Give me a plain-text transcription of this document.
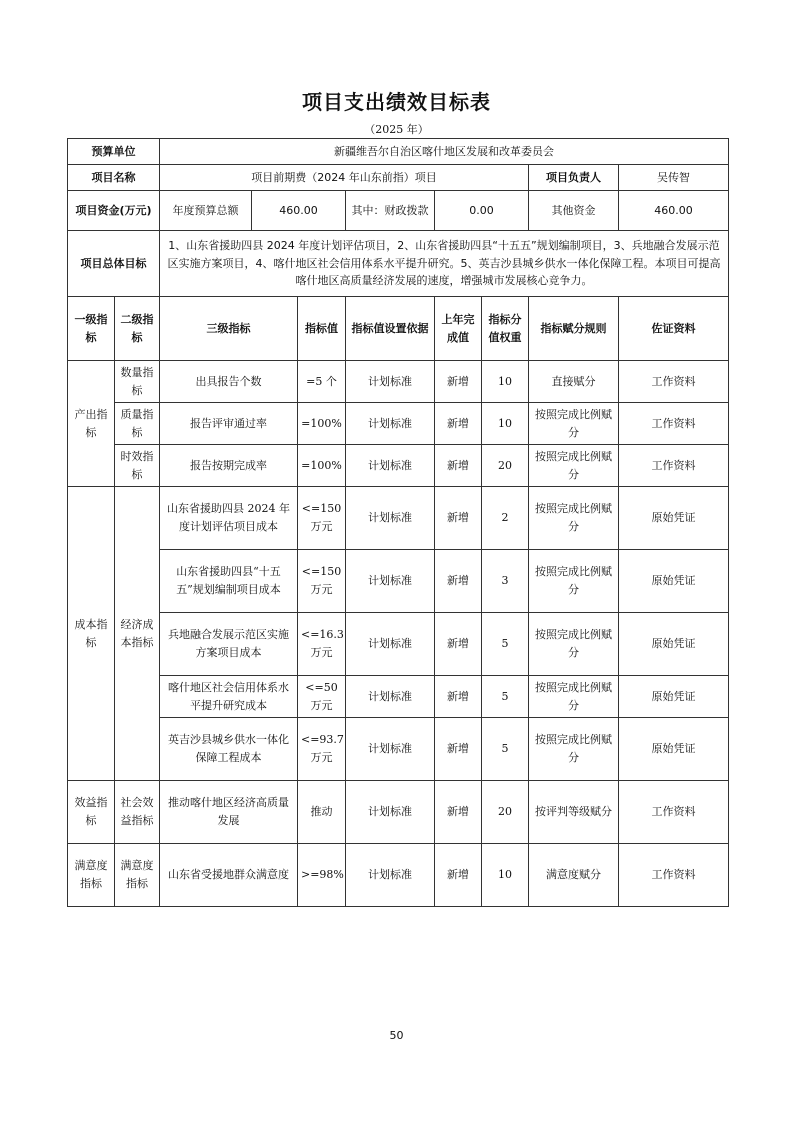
项目支出绩效目标表
（2025 年）
预算单位		新疆维吾尔自治区喀什地区发展和改革委员会							
项目名称		项目前期费（2024 年山东前指）项目						项目负责人	吴传智
项目资金(万元)		年度预算总额	460.00		其中：财政拨款	0.00		其他资金	460.00
项目总体目标		1、山东省援助四县 2024 年度计划评估项目，2、山东省援助四县“十五五”规划编制项目，3、兵地融合发展示范区实施方案项目，4、喀什地区社会信用体系水平提升研究。5、英吉沙县城乡供水一体化保障工程。本项目可提高喀什地区高质量经济发展的速度，增强城市发展核心竞争力。							
一级指标	二级指标	三级指标		指标值	指标值设置依据	上年完成值	指标分值权重	指标赋分规则	佐证资料
产出指标	数量指标	出具报告个数		=5 个	计划标准	新增	10	直接赋分	工作资料
	质量指标	报告评审通过率		=100%	计划标准	新增	10	按照完成比例赋分	工作资料
	时效指标	报告按期完成率		=100%	计划标准	新增	20	按照完成比例赋分	工作资料
成本指标	经济成本指标	山东省援助四县 2024 年度计划评估项目成本		<=150 万元	计划标准	新增	2	按照完成比例赋分	原始凭证
		山东省援助四县“十五五”规划编制项目成本		<=150 万元	计划标准	新增	3	按照完成比例赋分	原始凭证
		兵地融合发展示范区实施方案项目成本		<=16.3 万元	计划标准	新增	5	按照完成比例赋分	原始凭证
		喀什地区社会信用体系水平提升研究成本		<=50 万元	计划标准	新增	5	按照完成比例赋分	原始凭证
		英吉沙县城乡供水一体化保障工程成本		<=93.7 万元	计划标准	新增	5	按照完成比例赋分	原始凭证
效益指标	社会效益指标	推动喀什地区经济高质量发展		推动	计划标准	新增	20	按评判等级赋分	工作资料
满意度指标	满意度指标	山东省受援地群众满意度		>=98%	计划标准	新增	10	满意度赋分	工作资料
50
